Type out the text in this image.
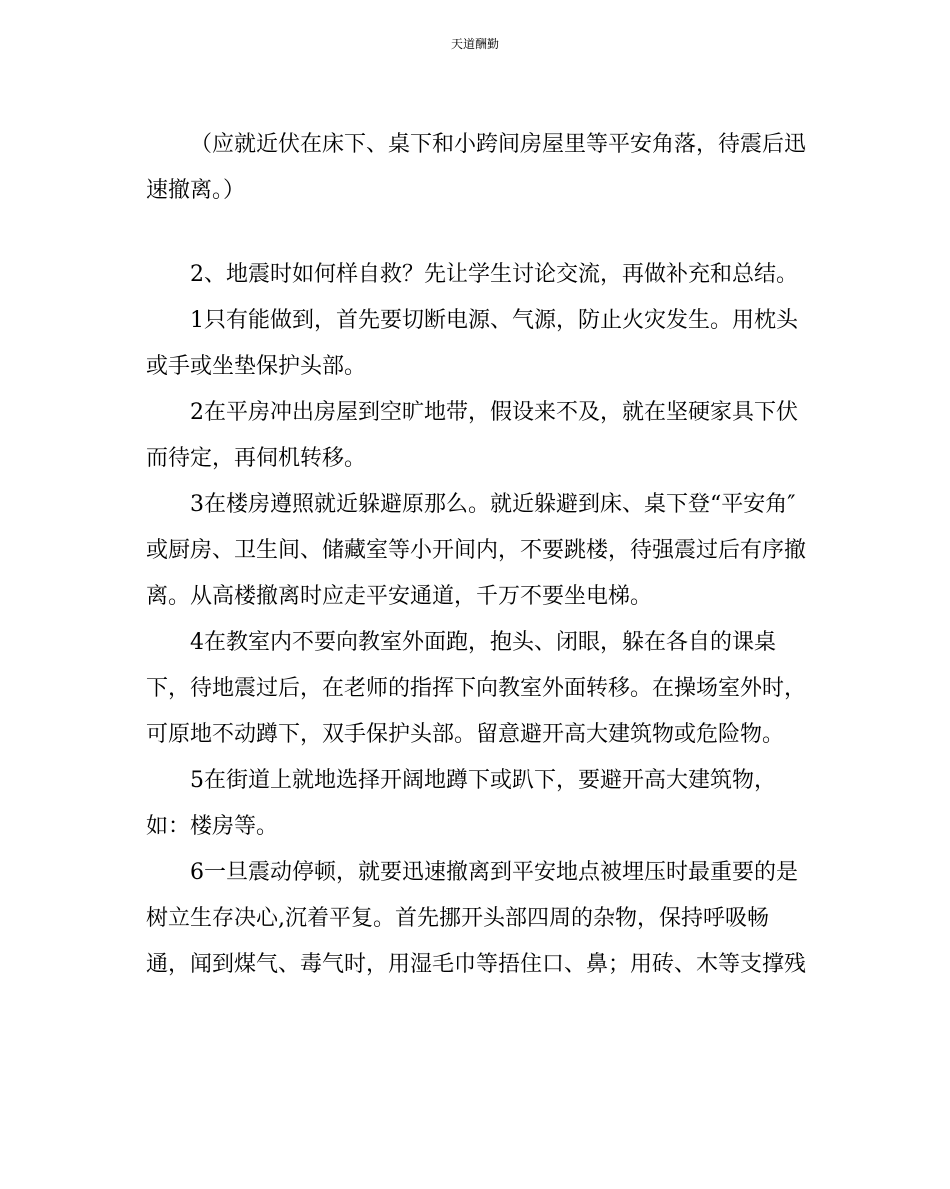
天道酬勤
（应就近伏在床下、桌下和小跨间房屋里等平安角落，待震后迅
速撤离。）
2、地震时如何样自救？先让学生讨论交流，再做补充和总结。
1只有能做到，首先要切断电源、气源，防止火灾发生。用枕头
或手或坐垫保护头部。
2在平房冲出房屋到空旷地带，假设来不及，就在坚硬家具下伏
而待定，再伺机转移。
3在楼房遵照就近躲避原那么。就近躲避到床、桌下登“平安角″
或厨房、卫生间、储藏室等小开间内，不要跳楼，待强震过后有序撤
离。从高楼撤离时应走平安通道，千万不要坐电梯。
4在教室内不要向教室外面跑，抱头、闭眼，躲在各自的课桌
下，待地震过后，在老师的指挥下向教室外面转移。在操场室外时，
可原地不动蹲下，双手保护头部。留意避开高大建筑物或危险物。
5在街道上就地选择开阔地蹲下或趴下，要避开高大建筑物，
如：楼房等。
6一旦震动停顿，就要迅速撤离到平安地点被埋压时最重要的是
树立生存决心,沉着平复。首先挪开头部四周的杂物，保持呼吸畅
通，闻到煤气、毒气时，用湿毛巾等捂住口、鼻；用砖、木等支撑残
